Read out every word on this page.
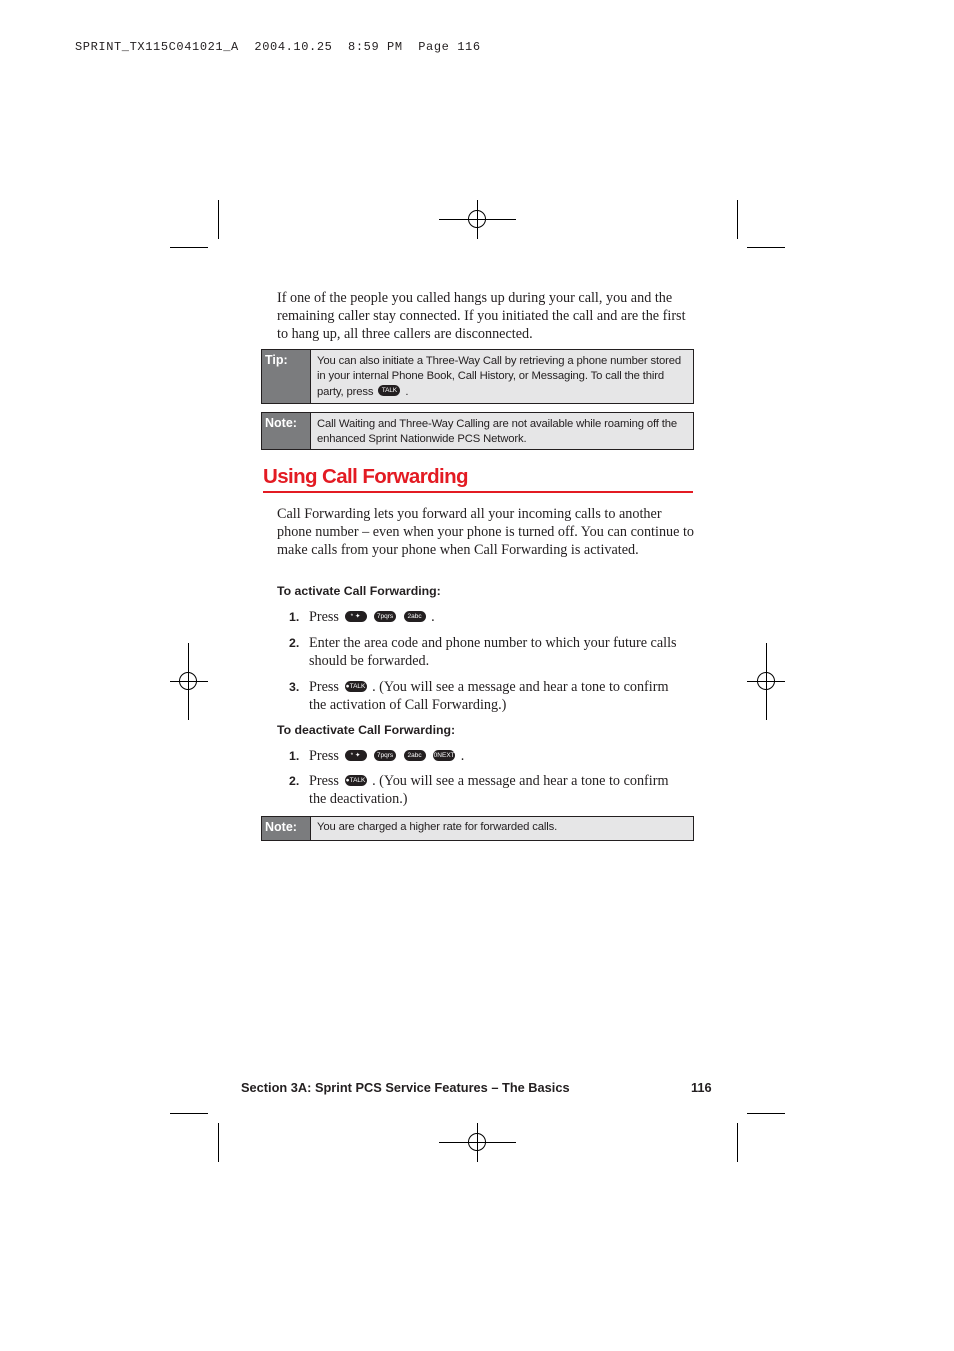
SPRINT_TX115C041021_A  2004.10.25  8:59 PM  Page 116
If one of the people you called hangs up during your call, you and the remaining caller stay connected. If you initiated the call and are the first to hang up, all three callers are disconnected.
Tip:	You can also initiate a Three-Way Call by retrieving a phone number stored in your internal Phone Book, Call History, or Messaging. To call the third party, press TALK .
Note:	Call Waiting and Three-Way Calling are not available while roaming off the enhanced Sprint Nationwide PCS Network.
Using Call Forwarding
Call Forwarding lets you forward all your incoming calls to another phone number – even when your phone is turned off. You can continue to make calls from your phone when Call Forwarding is activated.
To activate Call Forwarding:
1. Press * ✦	7pqrs 2abc .
2. Enter the area code and phone number to which your future calls should be forwarded.
3. Press ●TALK . (You will see a message and hear a tone to confirm the activation of Call Forwarding.)
To deactivate Call Forwarding:
1. Press * ✦	7pqrs 2abc 0NEXT .
2. Press ●TALK . (You will see a message and hear a tone to confirm the deactivation.)
Note:	You are charged a higher rate for forwarded calls.
Section 3A: Sprint PCS Service Features – The Basics	116
